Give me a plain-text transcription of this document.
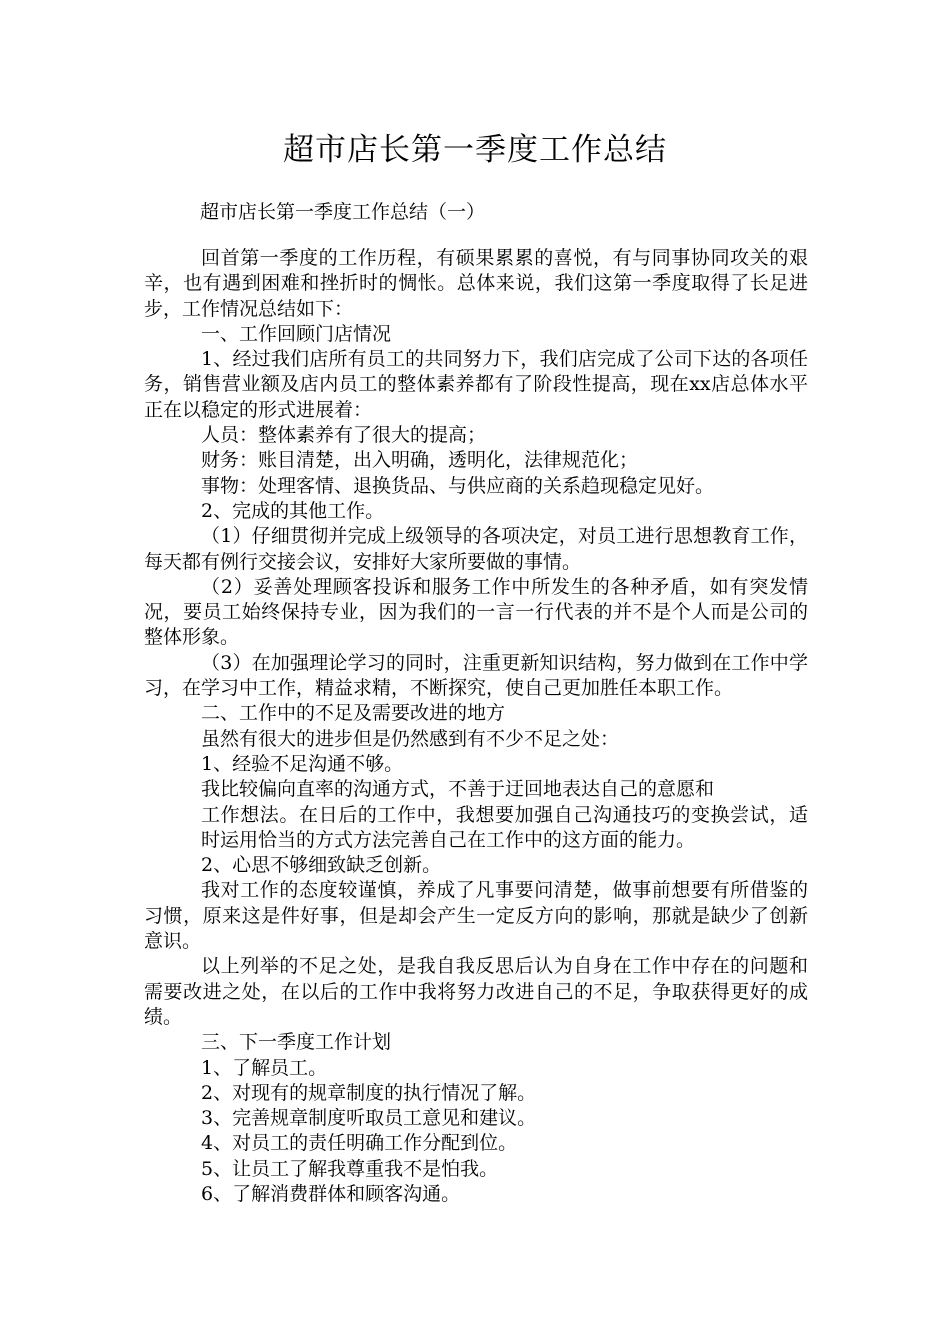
超市店长第一季度工作总结
超市店长第一季度工作总结（一）

回首第一季度的工作历程，有硕果累累的喜悦，有与同事协同攻关的艰辛，也有遇到困难和挫折时的惆怅。总体来说，我们这第一季度取得了长足进步，工作情况总结如下：

一、工作回顾门店情况

1、经过我们店所有员工的共同努力下，我们店完成了公司下达的各项任务，销售营业额及店内员工的整体素养都有了阶段性提高，现在xx店总体水平正在以稳定的形式进展着：

人员：整体素养有了很大的提高；

财务：账目清楚，出入明确，透明化，法律规范化；

事物：处理客情、退换货品、与供应商的关系趋现稳定见好。

2、完成的其他工作。

（1）仔细贯彻并完成上级领导的各项决定，对员工进行思想教育工作，每天都有例行交接会议，安排好大家所要做的事情。

（2）妥善处理顾客投诉和服务工作中所发生的各种矛盾，如有突发情况，要员工始终保持专业，因为我们的一言一行代表的并不是个人而是公司的整体形象。

（3）在加强理论学习的同时，注重更新知识结构，努力做到在工作中学习，在学习中工作，精益求精，不断探究，使自己更加胜任本职工作。

二、工作中的不足及需要改进的地方

虽然有很大的进步但是仍然感到有不少不足之处：

1、经验不足沟通不够。

我比较偏向直率的沟通方式，不善于迂回地表达自己的意愿和

工作想法。在日后的工作中，我想要加强自己沟通技巧的变换尝试，适时运用恰当的方式方法完善自己在工作中的这方面的能力。

2、心思不够细致缺乏创新。

我对工作的态度较谨慎，养成了凡事要问清楚，做事前想要有所借鉴的习惯，原来这是件好事，但是却会产生一定反方向的影响，那就是缺少了创新意识。

以上列举的不足之处，是我自我反思后认为自身在工作中存在的问题和需要改进之处，在以后的工作中我将努力改进自己的不足，争取获得更好的成绩。

三、下一季度工作计划

1、了解员工。

2、对现有的规章制度的执行情况了解。

3、完善规章制度听取员工意见和建议。

4、对员工的责任明确工作分配到位。

5、让员工了解我尊重我不是怕我。

6、了解消费群体和顾客沟通。
